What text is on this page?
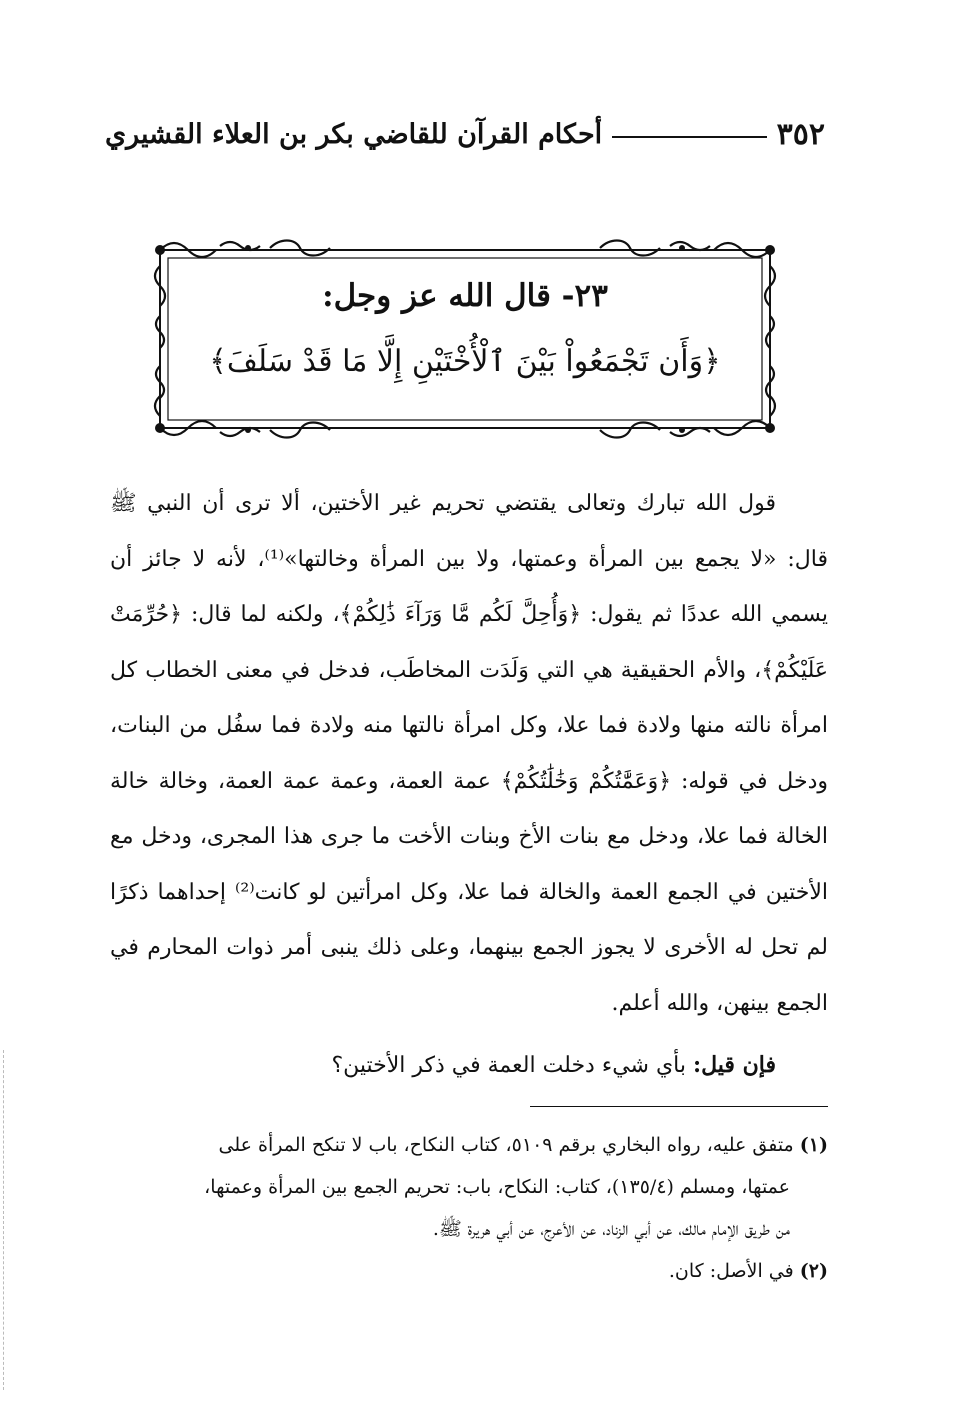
٣٥٢
أحكام القرآن للقاضي بكر بن العلاء القشيري
٢٣- قال الله عز وجل:
﴿وَأَن تَجْمَعُواْ بَيْنَ ٱلْأُخْتَيْنِ إِلَّا مَا قَدْ سَلَفَ﴾

قول الله تبارك وتعالى يقتضي تحريم غير الأختين، ألا ترى أن النبي ﷺ قال: «لا يجمع بين المرأة وعمتها، ولا بين المرأة وخالتها»⁽¹⁾، لأنه لا جائز أن يسمي الله عددًا ثم يقول: ﴿وَأُحِلَّ لَكُم مَّا وَرَآءَ ذَٰلِكُمْ﴾، ولكنه لما قال: ﴿حُرِّمَتْ عَلَيْكُمْ﴾، والأم الحقيقية هي التي وَلَدَت المخاطَب، فدخل في معنى الخطاب كل امرأة نالته منها ولادة فما علا، وكل امرأة نالتها منه ولادة فما سفُل من البنات، ودخل في قوله: ﴿وَعَمَّٰتُكُمْ وَخَٰلَٰتُكُمْ﴾ عمة العمة، وعمة عمة العمة، وخالة خالة الخالة فما علا، ودخل مع بنات الأخ وبنات الأخت ما جرى هذا المجرى، ودخل مع الأختين في الجمع العمة والخالة فما علا، وكل امرأتين لو كانت⁽²⁾ إحداهما ذكرًا لم تحل له الأخرى لا يجوز الجمع بينهما، وعلى ذلك ينبى أمر ذوات المحارم في الجمع بينهن، والله أعلم.

فإن قيل: بأي شيء دخلت العمة في ذكر الأختين؟

(١) متفق عليه، رواه البخاري برقم ٥١٠٩، كتاب النكاح، باب لا تنكح المرأة على

عمتها، ومسلم (١٣٥/٤)، كتاب: النكاح، باب: تحريم الجمع بين المرأة وعمتها،

من طريق الإمام مالك، عن أبي الزناد، عن الأعرج، عن أبي هريرة ﷺ.

(٢) في الأصل: كان.
